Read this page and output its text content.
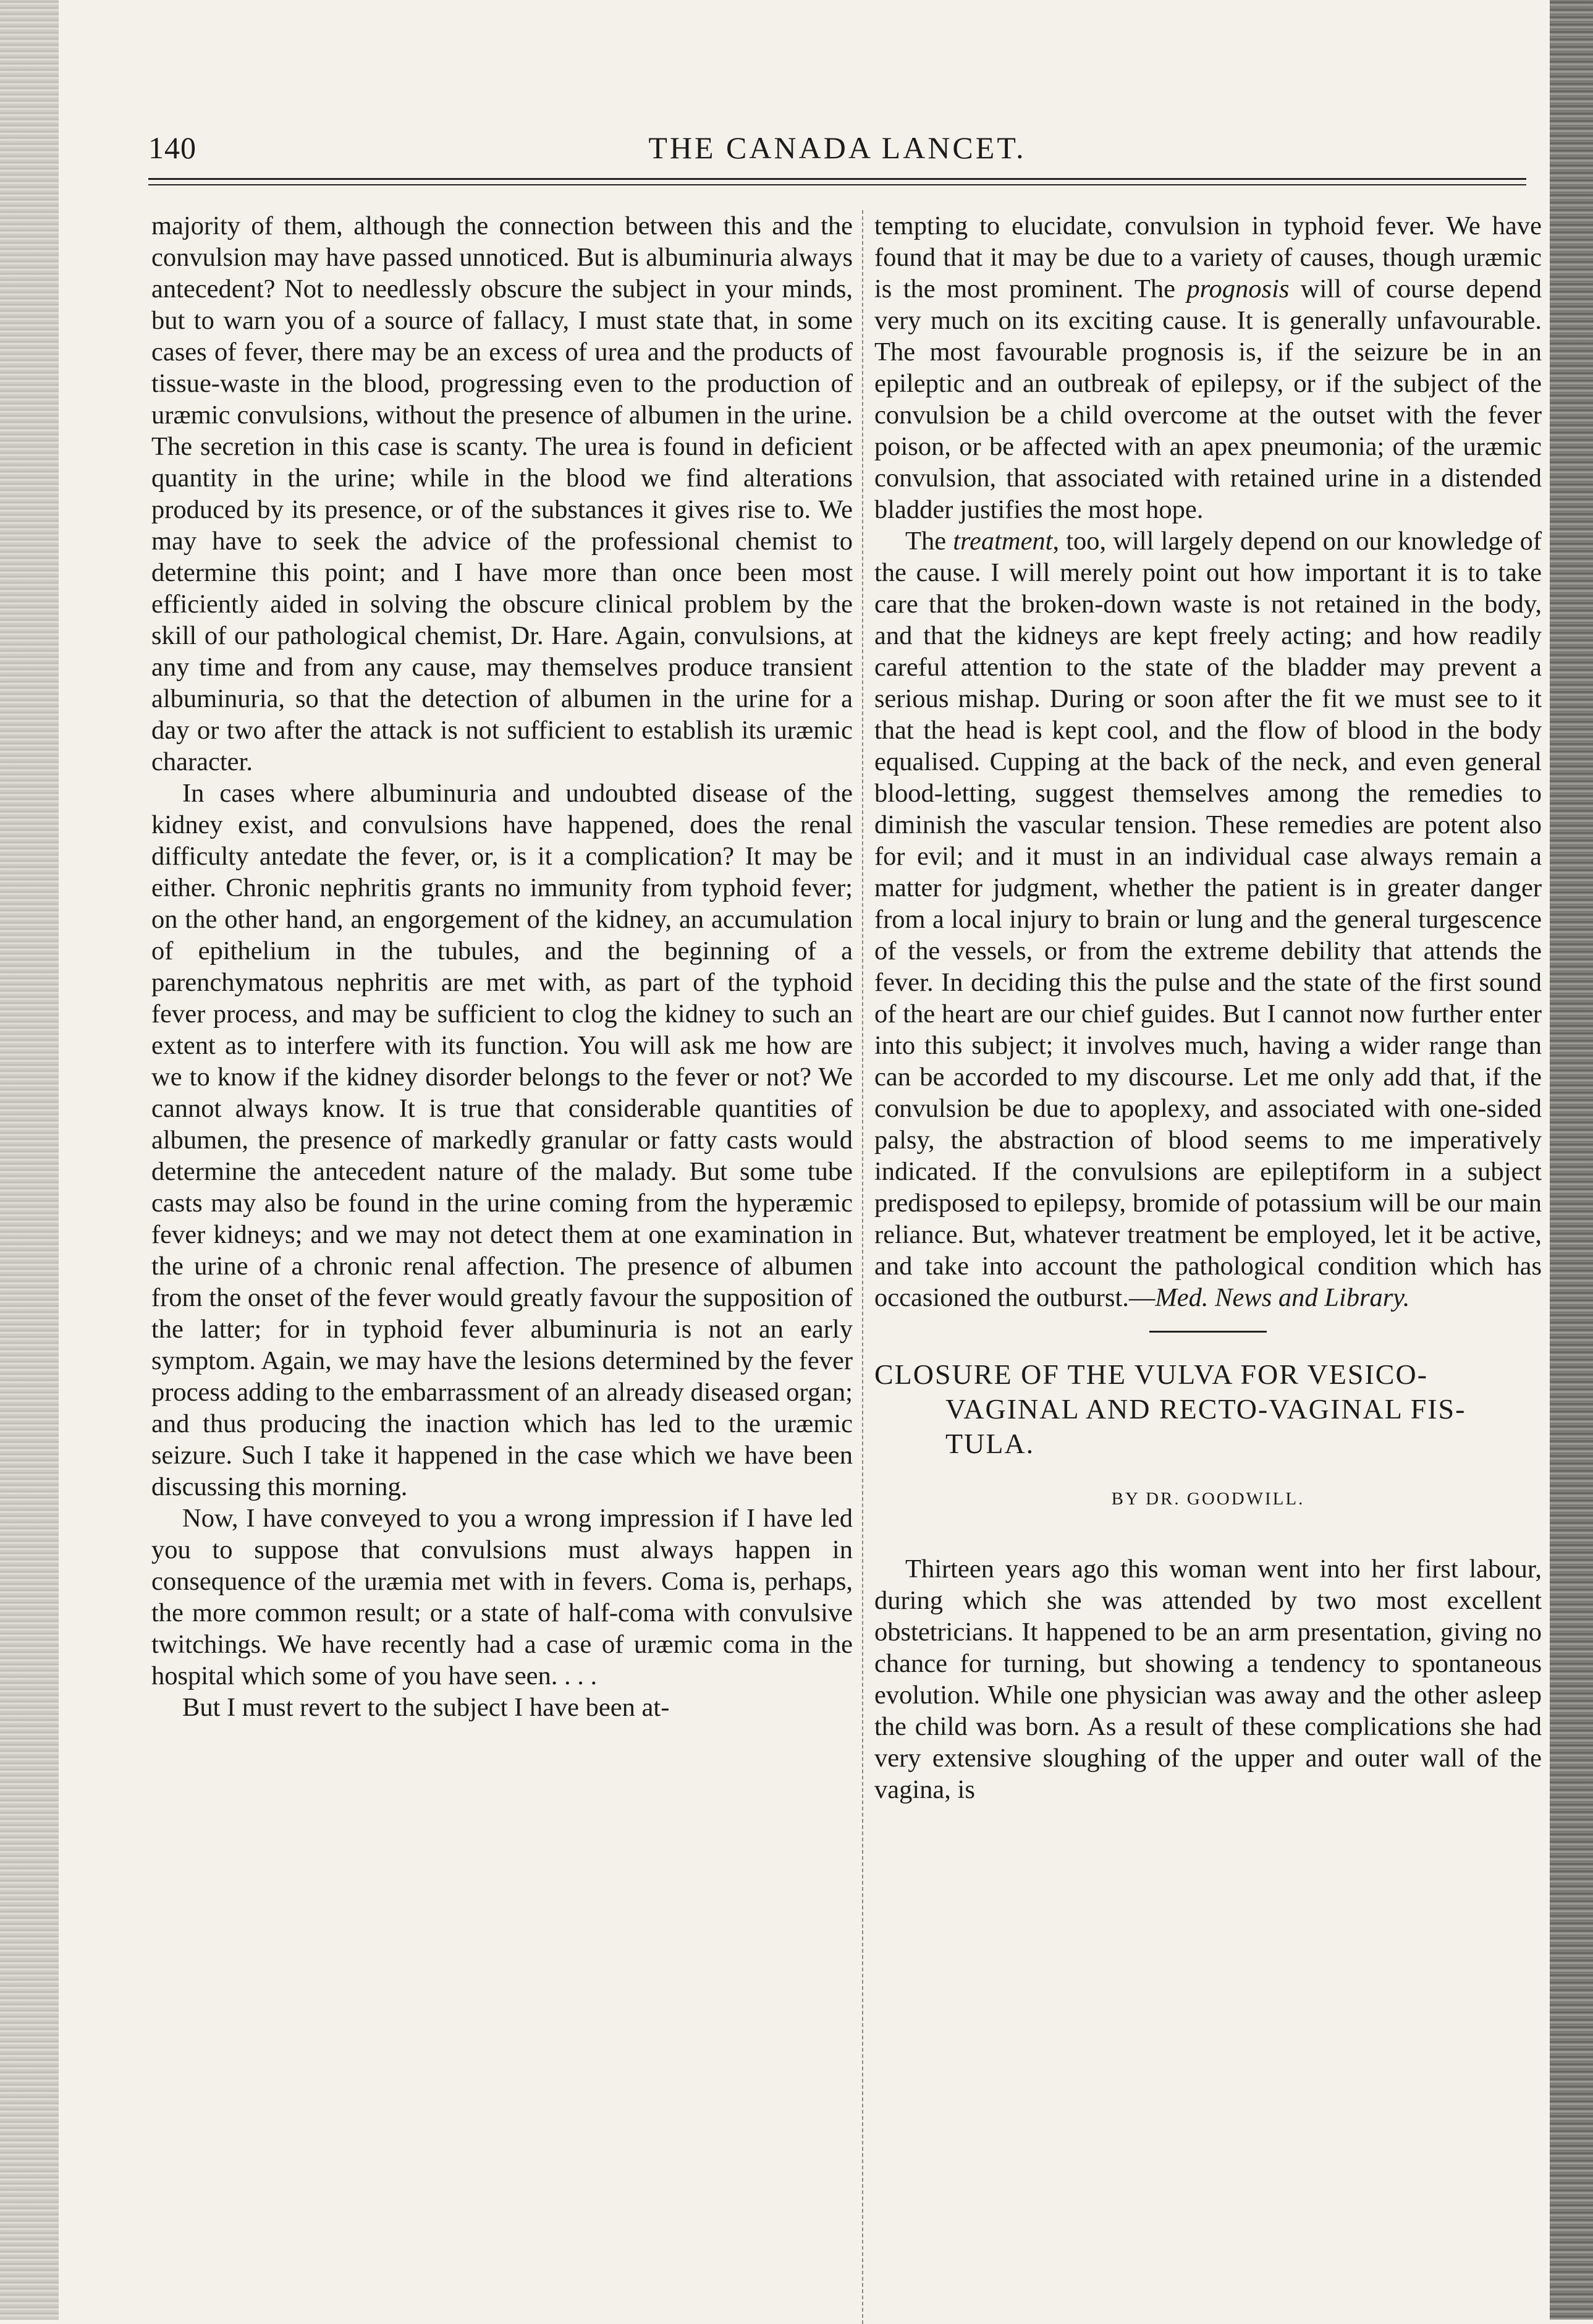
140	THE CANADA LANCET.

majority of them, although the connection between this and the convulsion may have passed unnoticed. But is albuminuria always antecedent? Not to needlessly obscure the subject in your minds, but to warn you of a source of fallacy, I must state that, in some cases of fever, there may be an excess of urea and the products of tissue-waste in the blood, progressing even to the production of uræmic convulsions, without the presence of albumen in the urine. The secretion in this case is scanty. The urea is found in deficient quantity in the urine; while in the blood we find alterations produced by its presence, or of the substances it gives rise to. We may have to seek the advice of the professional chemist to determine this point; and I have more than once been most efficiently aided in solving the obscure clinical problem by the skill of our pathological chemist, Dr. Hare. Again, convulsions, at any time and from any cause, may themselves produce transient albuminuria, so that the detection of albumen in the urine for a day or two after the attack is not sufficient to establish its uræmic character.

In cases where albuminuria and undoubted disease of the kidney exist, and convulsions have happened, does the renal difficulty antedate the fever, or, is it a complication? It may be either. Chronic nephritis grants no immunity from typhoid fever; on the other hand, an engorgement of the kidney, an accumulation of epithelium in the tubules, and the beginning of a parenchymatous nephritis are met with, as part of the typhoid fever process, and may be sufficient to clog the kidney to such an extent as to interfere with its function. You will ask me how are we to know if the kidney disorder belongs to the fever or not? We cannot always know. It is true that considerable quantities of albumen, the presence of markedly granular or fatty casts would determine the antecedent nature of the malady. But some tube casts may also be found in the urine coming from the hyperæmic fever kidneys; and we may not detect them at one examination in the urine of a chronic renal affection. The presence of albumen from the onset of the fever would greatly favour the supposition of the latter; for in typhoid fever albuminuria is not an early symptom. Again, we may have the lesions determined by the fever process adding to the embarrassment of an already diseased organ; and thus producing the inaction which has led to the uræmic seizure. Such I take it happened in the case which we have been discussing this morning.

Now, I have conveyed to you a wrong impression if I have led you to suppose that convulsions must always happen in consequence of the uræmia met with in fevers. Coma is, perhaps, the more common result; or a state of half-coma with convulsive twitchings. We have recently had a case of uræmic coma in the hospital which some of you have seen. . . .

But I must revert to the subject I have been at-

tempting to elucidate, convulsion in typhoid fever. We have found that it may be due to a variety of causes, though uræmic is the most prominent. The prognosis will of course depend very much on its exciting cause. It is generally unfavourable. The most favourable prognosis is, if the seizure be in an epileptic and an outbreak of epilepsy, or if the subject of the convulsion be a child overcome at the outset with the fever poison, or be affected with an apex pneumonia; of the uræmic convulsion, that associated with retained urine in a distended bladder justifies the most hope.

The treatment, too, will largely depend on our knowledge of the cause. I will merely point out how important it is to take care that the broken-down waste is not retained in the body, and that the kidneys are kept freely acting; and how readily careful attention to the state of the bladder may prevent a serious mishap. During or soon after the fit we must see to it that the head is kept cool, and the flow of blood in the body equalised. Cupping at the back of the neck, and even general blood-letting, suggest themselves among the remedies to diminish the vascular tension. These remedies are potent also for evil; and it must in an individual case always remain a matter for judgment, whether the patient is in greater danger from a local injury to brain or lung and the general turgescence of the vessels, or from the extreme debility that attends the fever. In deciding this the pulse and the state of the first sound of the heart are our chief guides. But I cannot now further enter into this subject; it involves much, having a wider range than can be accorded to my discourse. Let me only add that, if the convulsion be due to apoplexy, and associated with one-sided palsy, the abstraction of blood seems to me imperatively indicated. If the convulsions are epileptiform in a subject predisposed to epilepsy, bromide of potassium will be our main reliance. But, whatever treatment be employed, let it be active, and take into account the pathological condition which has occasioned the outburst.—Med. News and Library.

CLOSURE OF THE VULVA FOR VESICO-
VAGINAL AND RECTO-VAGINAL FIS-
TULA.
BY DR. GOODWILL.

Thirteen years ago this woman went into her first labour, during which she was attended by two most excellent obstetricians. It happened to be an arm presentation, giving no chance for turning, but showing a tendency to spontaneous evolution. While one physician was away and the other asleep the child was born. As a result of these complications she had very extensive sloughing of the upper and outer wall of the vagina, is
